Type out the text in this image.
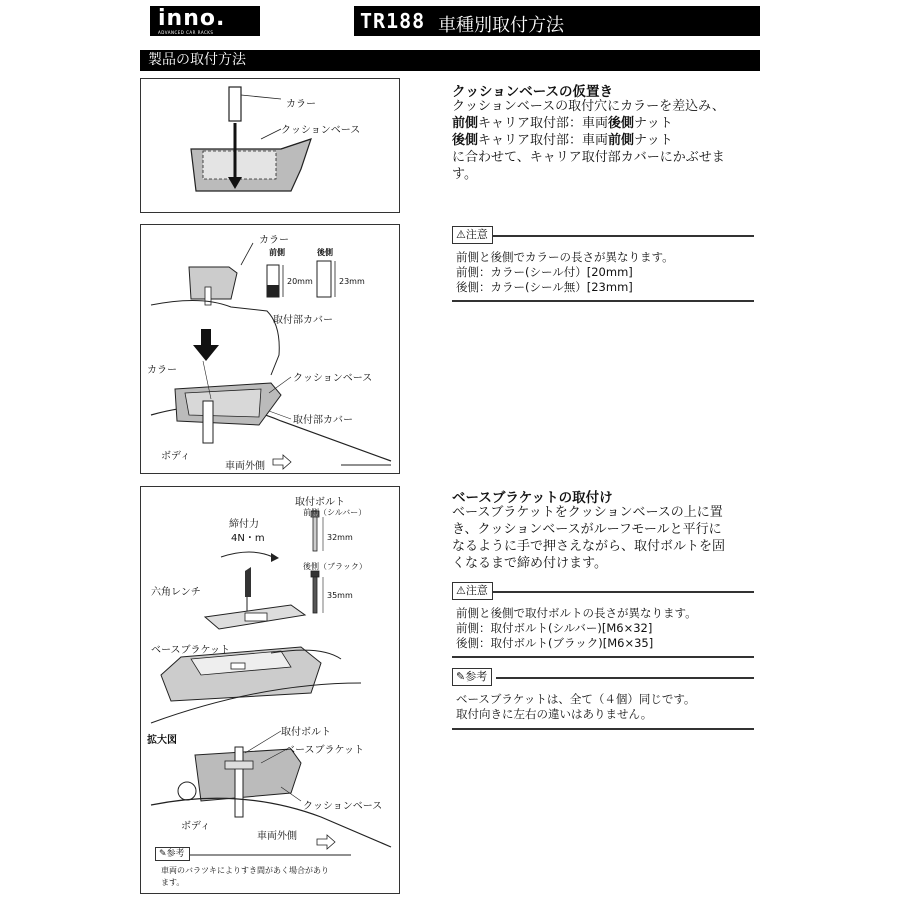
inno.
ADVANCED CAR RACKS	TR188 車種別取付方法
製品の取付方法
カラー
クッションベース
カラー
前側	後側
20mm	23mm
取付部カバー
カラー
クッションベース
取付部カバー
ボディ
車両外側
取付ボルト
前側（シルバー）
32mm
後側（ブラック）
35mm
締付力
4N・m
六角レンチ
ベースブラケット
拡大図
取付ボルト
ベースブラケット
クッションベース
ボディ
車両外側
✎参考
車両のバラツキによりすき間があく場合があり
ます。
クッションベースの仮置き
クッションベースの取付穴にカラーを差込み、
前側キャリア取付部：車両後側ナット
後側キャリア取付部：車両前側ナット
に合わせて、キャリア取付部カバーにかぶせま
す。
⚠注意
前側と後側でカラーの長さが異なります。
前側：カラー(シール付）[20mm]
後側：カラー(シール無）[23mm]
ベースブラケットの取付け
ベースブラケットをクッションベースの上に置
き、クッションベースがルーフモールと平行に
なるように手で押さえながら、取付ボルトを固
くなるまで締め付けます。
⚠注意
前側と後側で取付ボルトの長さが異なります。
前側：取付ボルト(シルバー)[M6×32]
後側：取付ボルト(ブラック)[M6×35]
✎参考
ベースブラケットは、全て（４個）同じです。
取付向きに左右の違いはありません。
